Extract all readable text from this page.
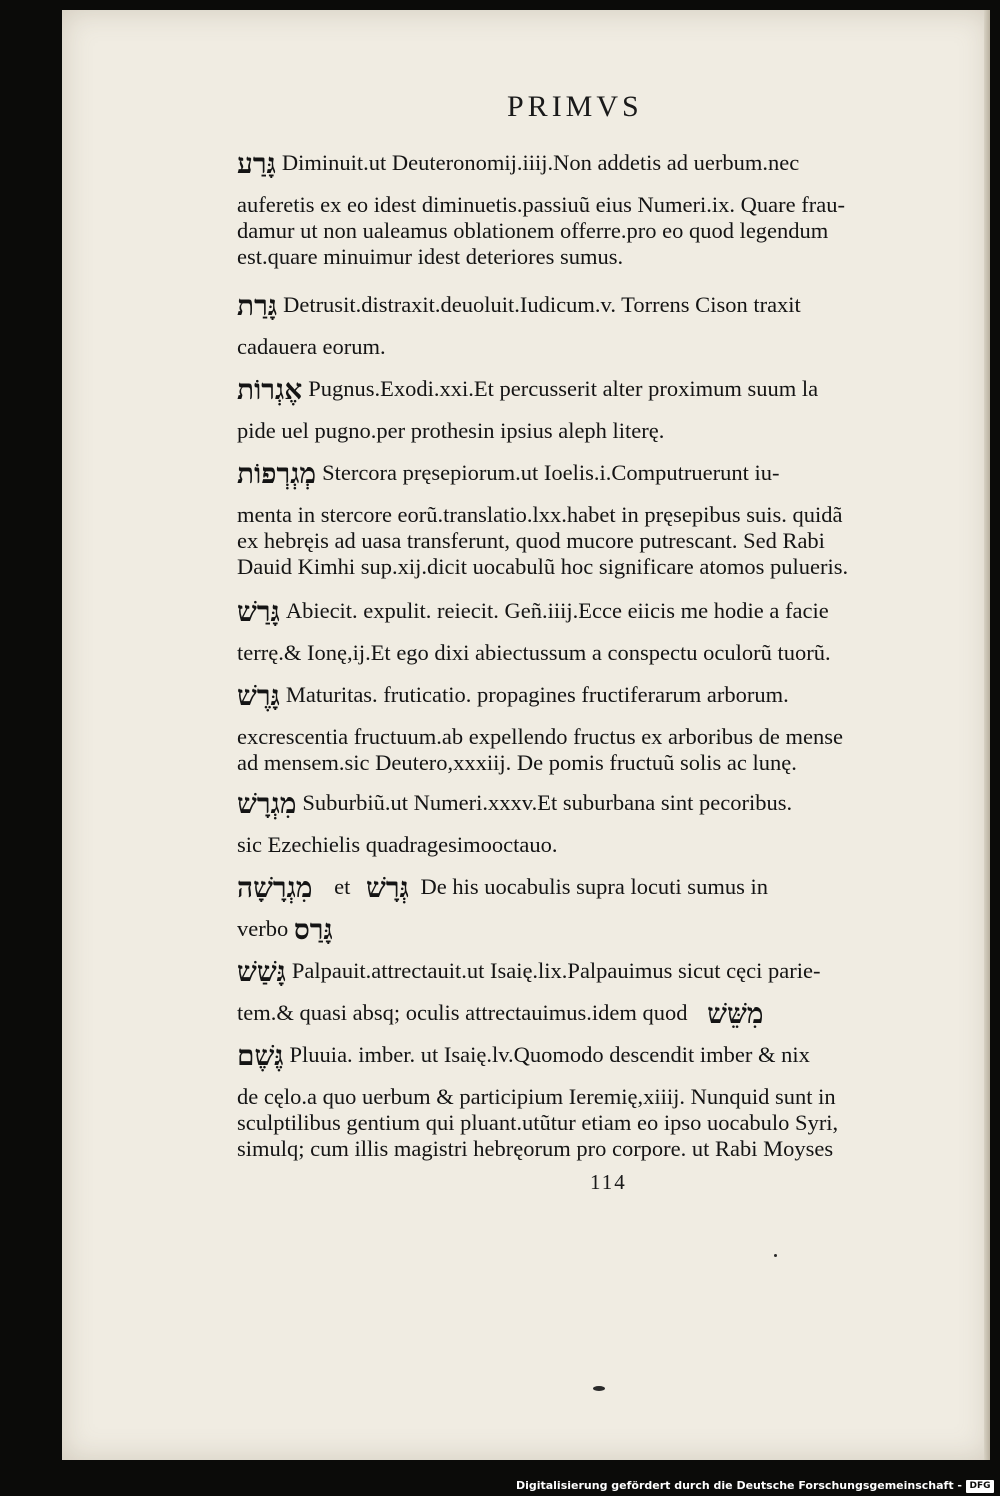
PRIMVS
גָּרַע Diminuit.ut Deuteronomij.iiij.Non addetis ad uerbum.nec
auferetis ex eo idest diminuetis.passiuũ eius Numeri.ix. Quare frau-
damur ut non ualeamus oblationem offerre.pro eo quod legendum
est.quare minuimur idest deteriores sumus.
גָּרַת Detrusit.distraxit.deuoluit.Iudicum.v. Torrens Cison traxit
cadauera eorum.
אֶגְרוֹת Pugnus.Exodi.xxi.Et percusserit alter proximum suum la
pide uel pugno.per prothesin ipsius aleph literę.
מְגְרְפוֹת Stercora pręsepiorum.ut Ioelis.i.Computruerunt iu-
menta in stercore eorũ.translatio.lxx.habet in pręsepibus suis. quidã
ex hebręis ad uasa transferunt, quod mucore putrescant. Sed Rabi
Dauid Kimhi sup.xij.dicit uocabulũ hoc significare atomos pulueris.
גָּרַשׁ Abiecit. expulit. reiecit. Geñ.iiij.Ecce eiicis me hodie a facie
terrę.& Ionę,ij.Et ego dixi abiectussum a conspectu oculorũ tuorũ.
גָּרֶשׁ Maturitas. fruticatio. propagines fructiferarum arborum.
excrescentia fructuum.ab expellendo fructus ex arboribus de mense
ad mensem.sic Deutero,xxxiij. De pomis fructuũ solis ac lunę.
מִגְרָשׁ Suburbiũ.ut Numeri.xxxv.Et suburbana sint pecoribus.
sic Ezechielis quadragesimooctauo.
מִגְרָשָׁה et גְּרָשׁ De his uocabulis supra locuti sumus in
verbo גָּרַס
גָּשַׁשׁ Palpauit.attrectauit.ut Isaię.lix.Palpauimus sicut cęci parie-
tem.& quasi absq; oculis attrectauimus.idem quod מִשֵּׁשׁ
גֶּשֶׁם Pluuia. imber. ut Isaię.lv.Quomodo descendit imber & nix
de cęlo.a quo uerbum & participium Ieremię,xiiij. Nunquid sunt in
sculptilibus gentium qui pluant.utũtur etiam eo ipso uocabulo Syri,
simulq; cum illis magistri hebręorum pro corpore. ut Rabi Moyses
114
Digitalisierung gefördert durch die Deutsche Forschungsgemeinschaft - DFG
